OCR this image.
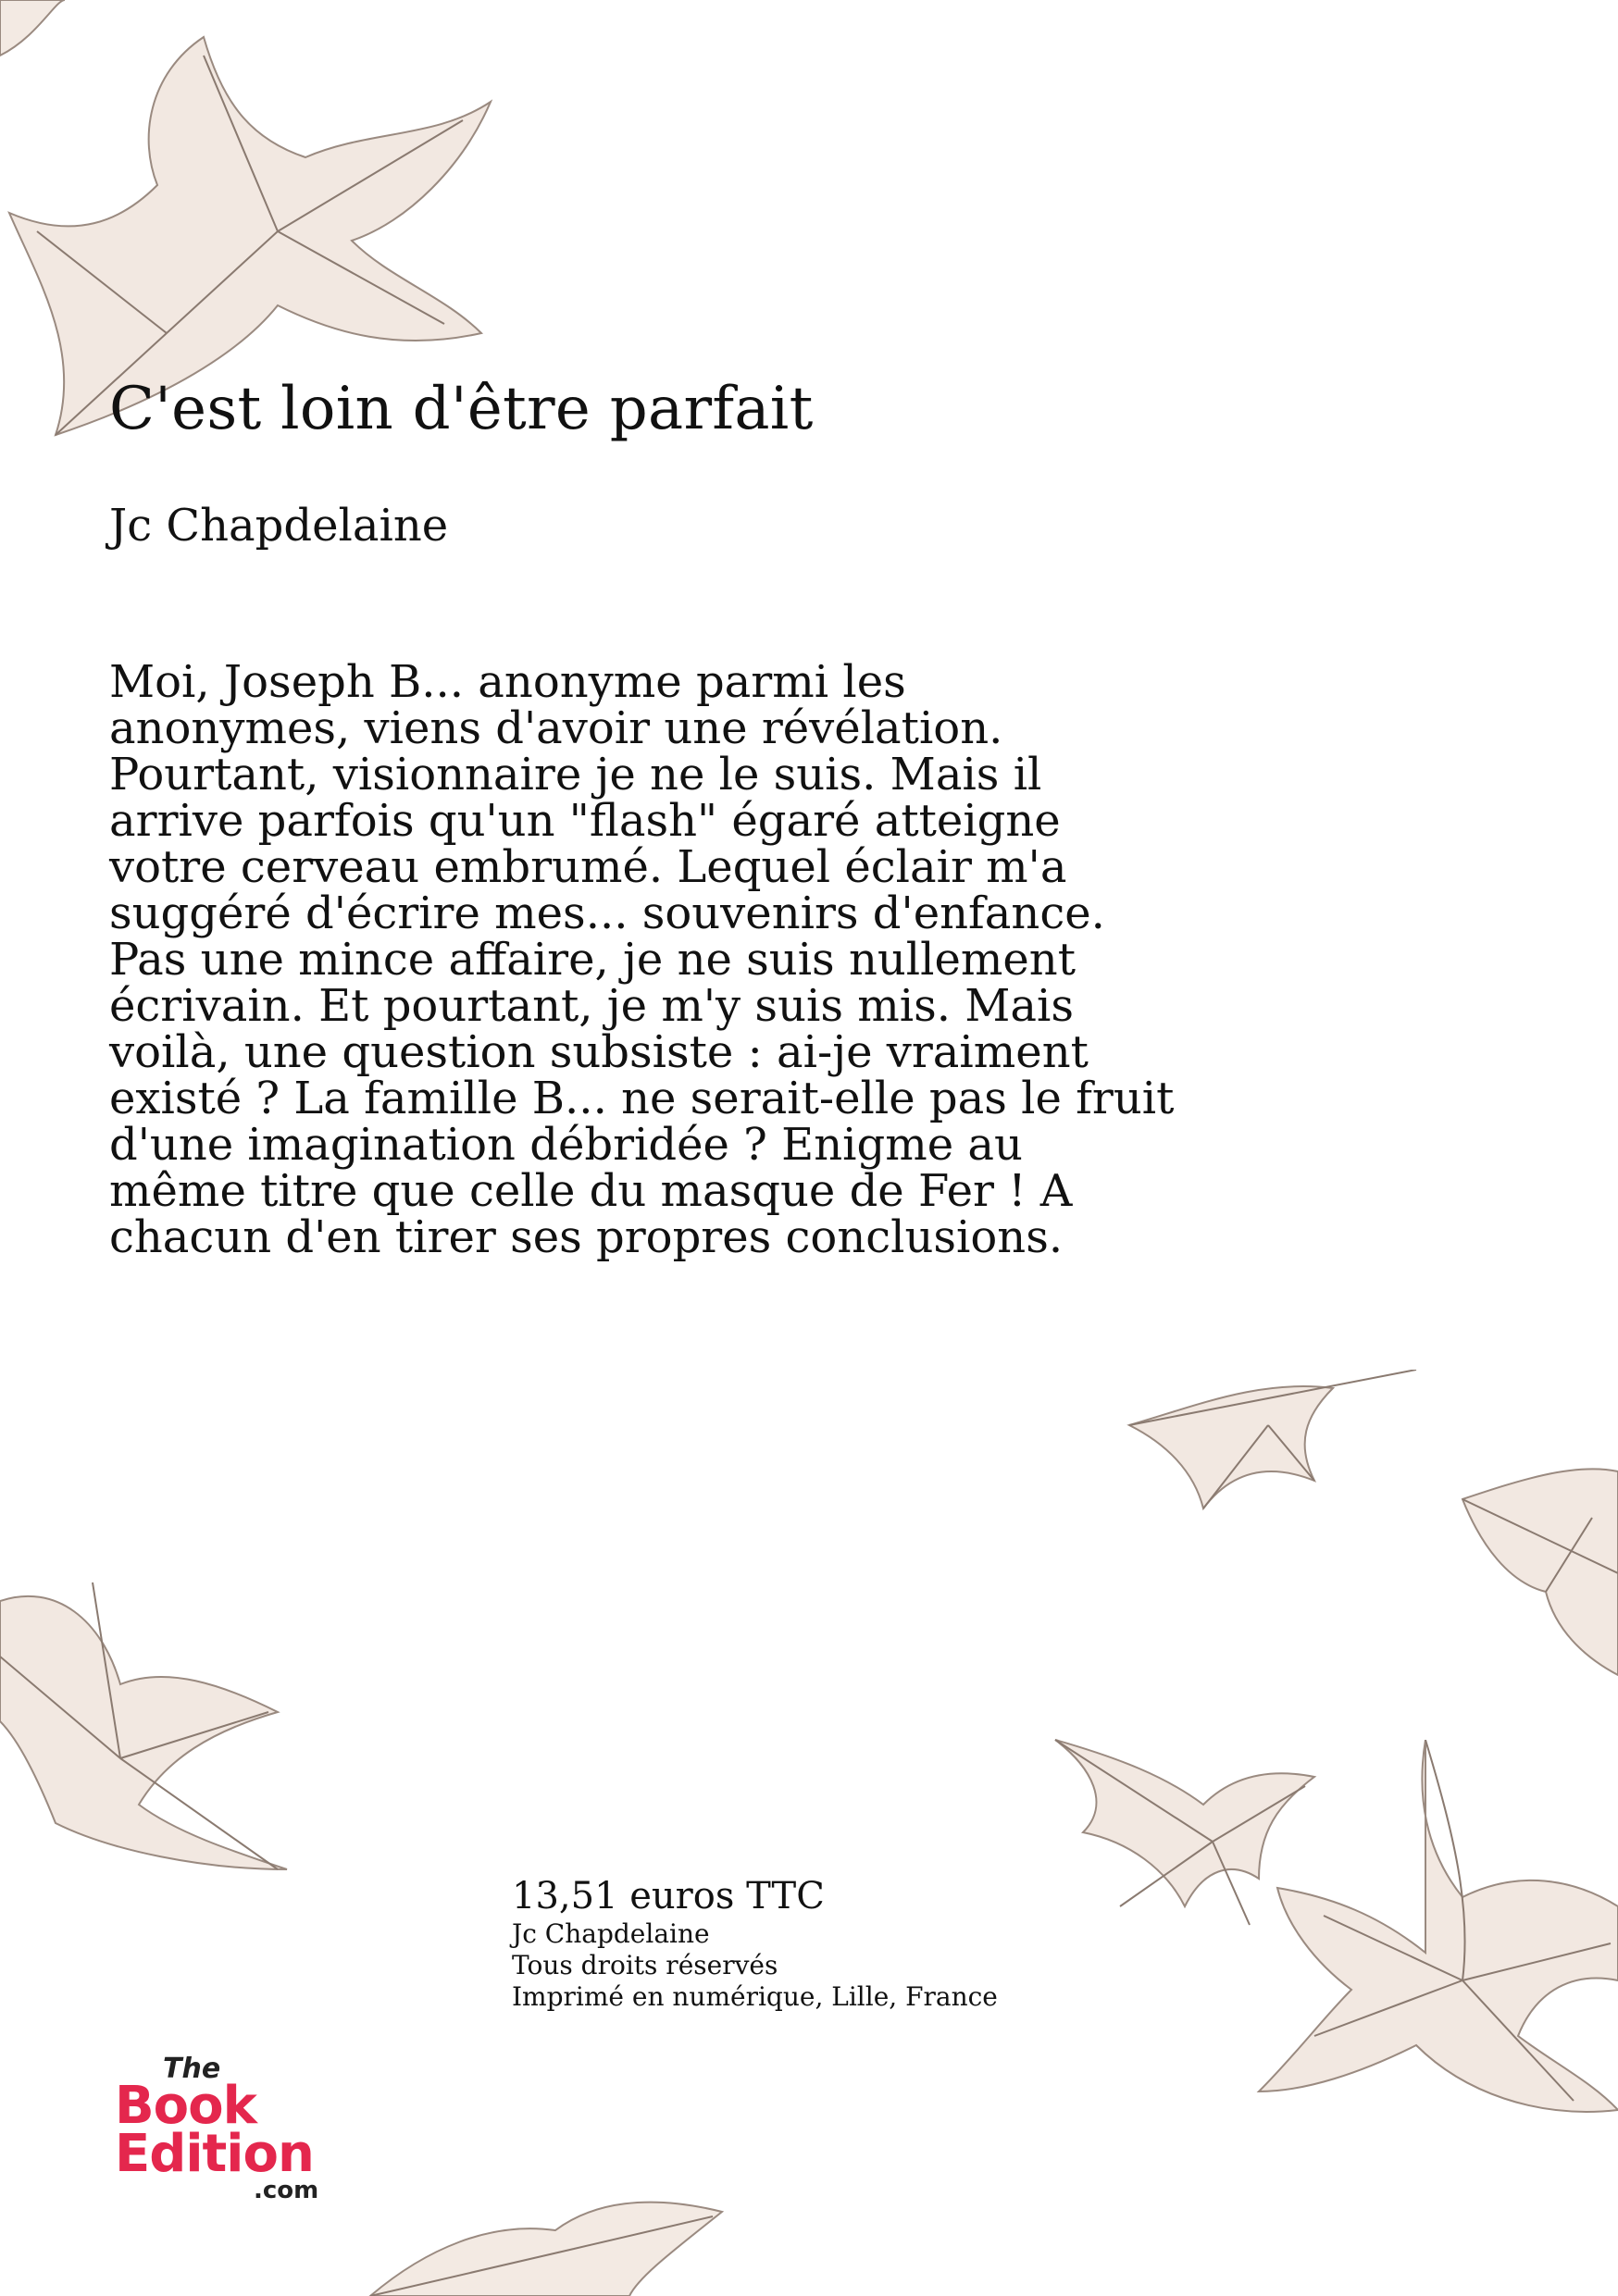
C'est loin d'être parfait
Jc Chapdelaine
Moi, Joseph B... anonyme parmi les
anonymes, viens d'avoir une révélation.
Pourtant, visionnaire je ne le suis. Mais il
arrive parfois qu'un "flash" égaré atteigne
votre cerveau embrumé. Lequel éclair m'a
suggéré d'écrire mes... souvenirs d'enfance.
Pas une mince affaire, je ne suis nullement
écrivain. Et pourtant, je m'y suis mis. Mais
voilà, une question subsiste : ai-je vraiment
existé ? La famille B... ne serait-elle pas le fruit
d'une imagination débridée ? Enigme au
même titre que celle du masque de Fer ! A
chacun d'en tirer ses propres conclusions.
13,51 euros TTC
Jc Chapdelaine
Tous droits réservés
Imprimé en numérique, Lille, France
The
Book
Edition
.com
